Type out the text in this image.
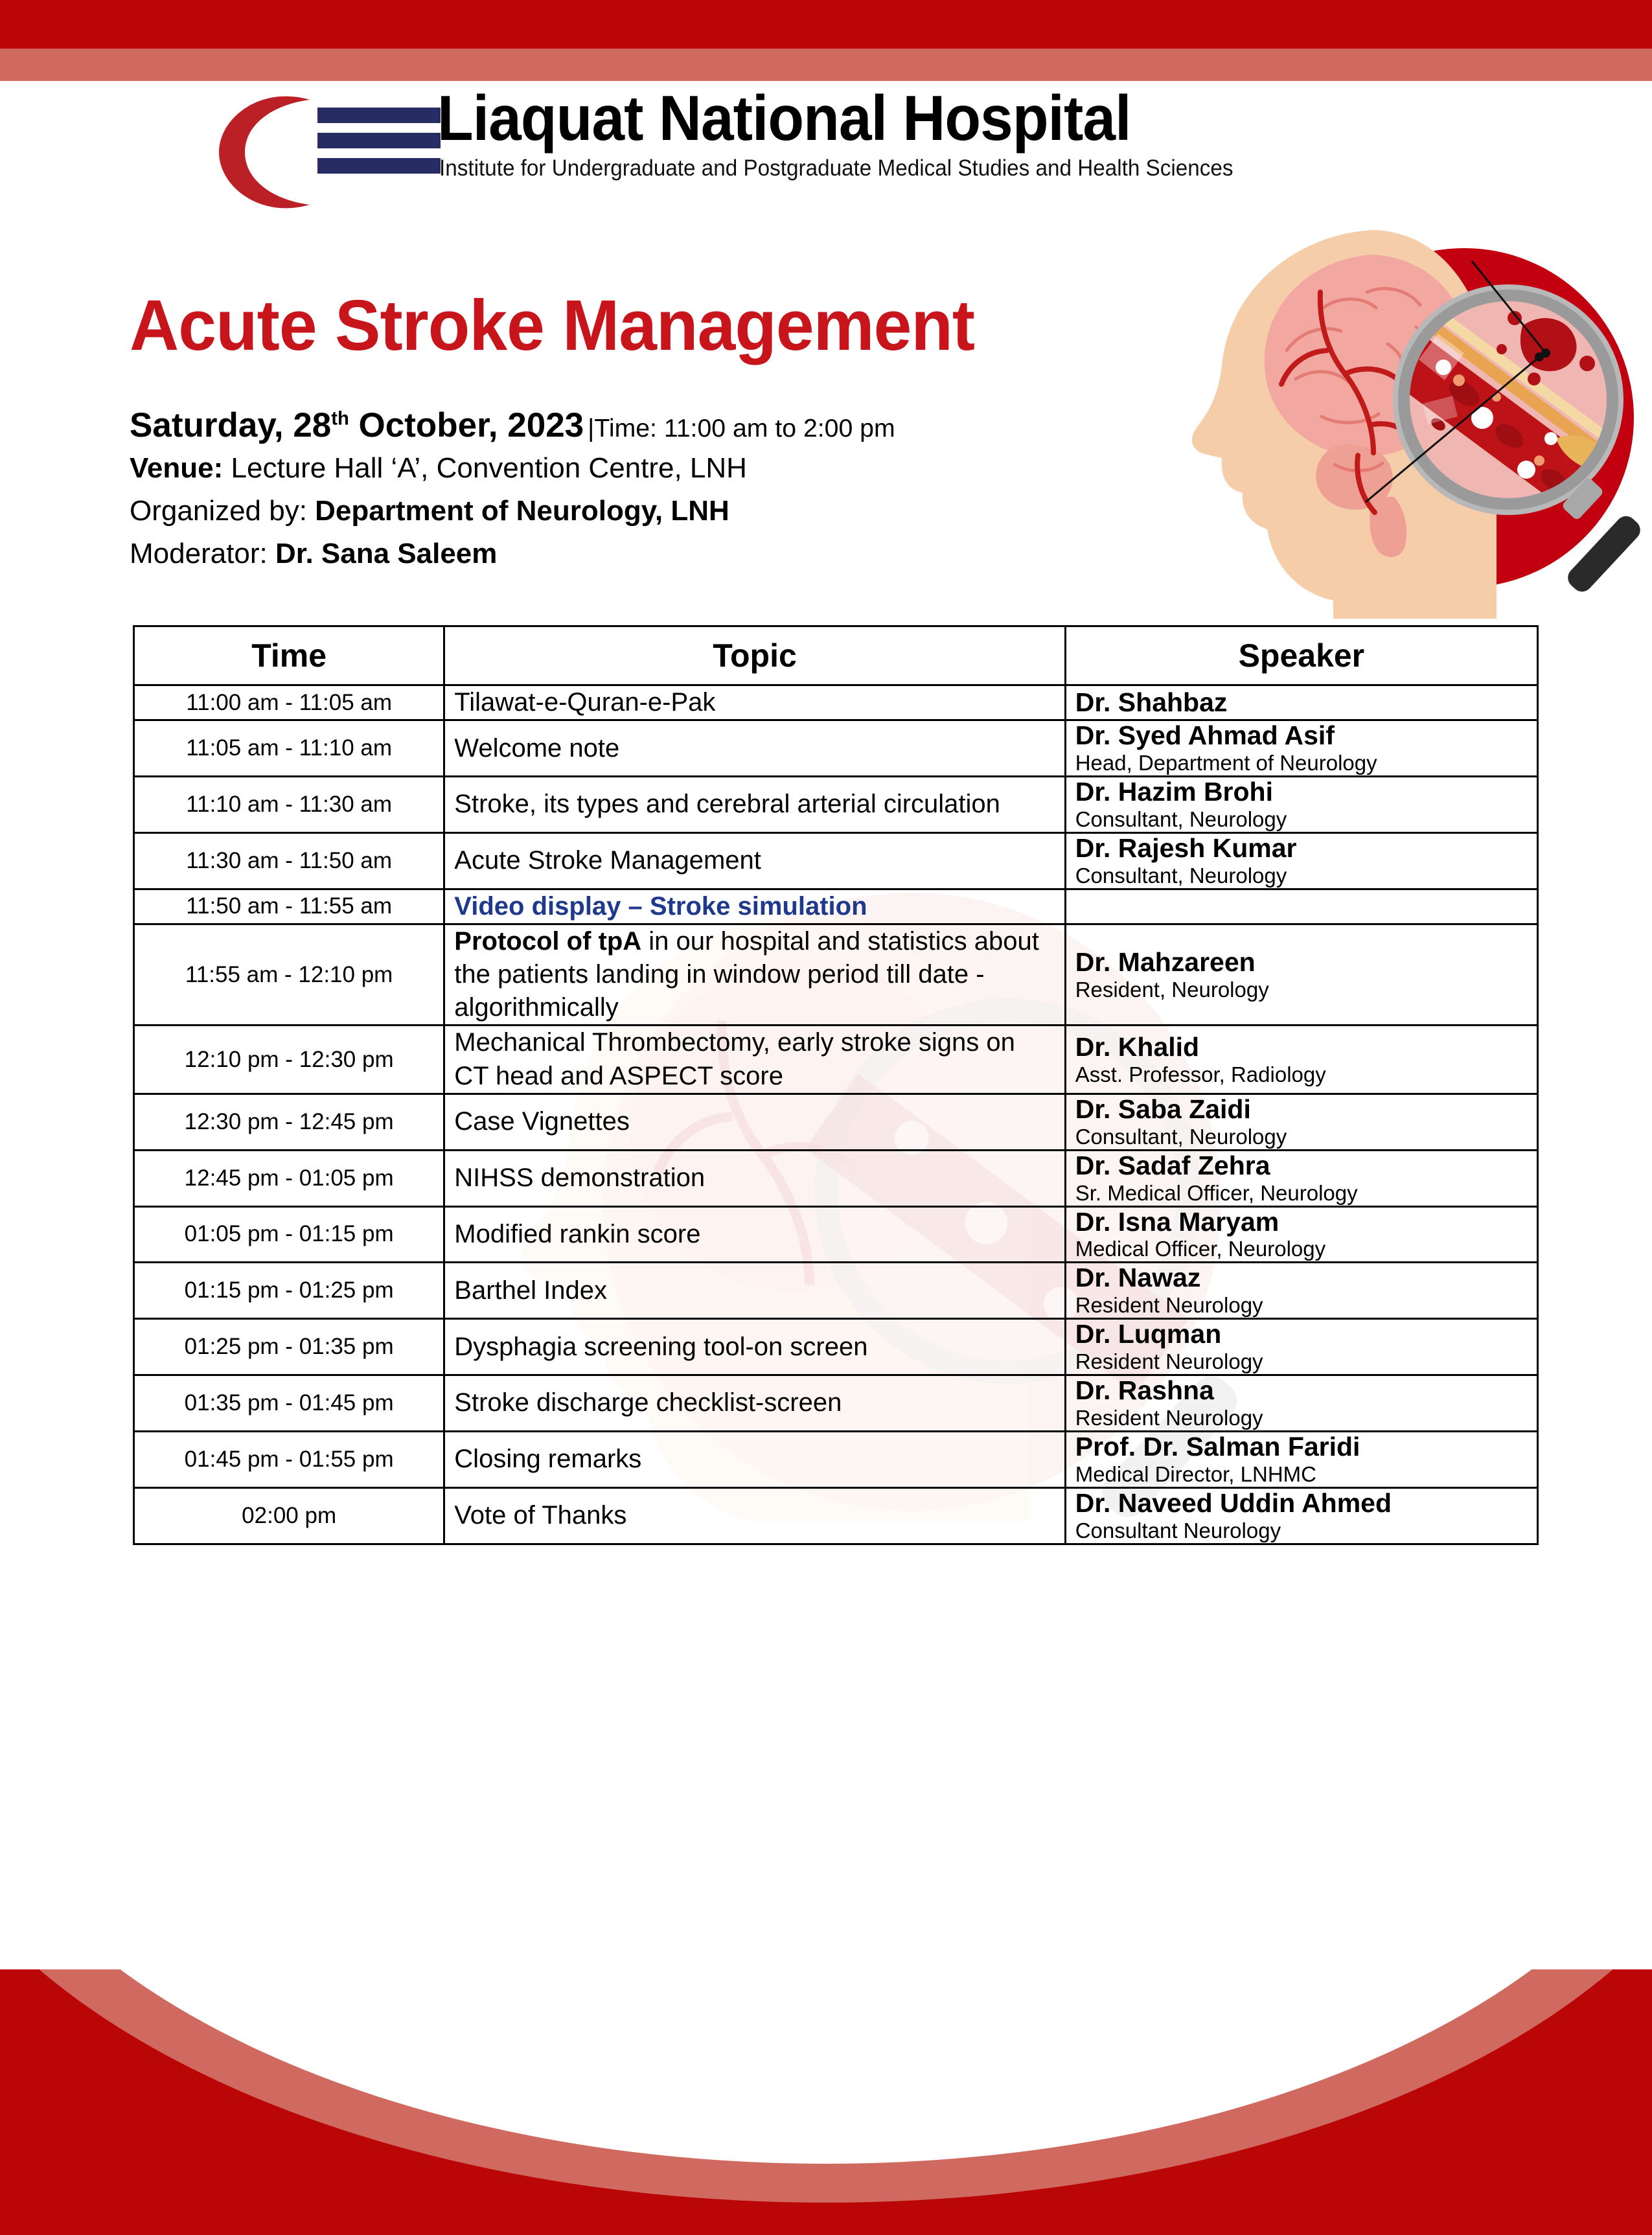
Liaquat National Hospital
Institute for Undergraduate and Postgraduate Medical Studies and Health Sciences
Acute Stroke Management
Saturday, 28th October, 2023 |Time: 11:00 am to 2:00 pm
Venue: Lecture Hall ‘A’, Convention Centre, LNH
Organized by: Department of Neurology, LNH
Moderator: Dr. Sana Saleem
Time	Topic	Speaker
11:00 am - 11:05 am	Tilawat-e-Quran-e-Pak	Dr. Shahbaz

11:05 am - 11:10 am	Welcome note	Dr. Syed Ahmad Asif
Head, Department of Neurology

11:10 am - 11:30 am	Stroke, its types and cerebral arterial circulation	Dr. Hazim Brohi
Consultant, Neurology

11:30 am - 11:50 am	Acute Stroke Management	Dr. Rajesh Kumar
Consultant, Neurology

11:50 am - 11:55 am	Video display – Stroke simulation	
11:55 am - 12:10 pm	Protocol of tpA in our hospital and statistics about the patients landing in window period till date -algorithmically	Dr. Mahzareen
Resident, Neurology

12:10 pm - 12:30 pm	Mechanical Thrombectomy, early stroke signs on CT head and ASPECT score	Dr. Khalid
Asst. Professor, Radiology

12:30 pm - 12:45 pm	Case Vignettes	Dr. Saba Zaidi
Consultant, Neurology

12:45 pm - 01:05 pm	NIHSS demonstration	Dr. Sadaf Zehra
Sr. Medical Officer, Neurology

01:05 pm - 01:15 pm	Modified rankin score	Dr. Isna Maryam
Medical Officer, Neurology

01:15 pm - 01:25 pm	Barthel Index	Dr. Nawaz
Resident Neurology

01:25 pm - 01:35 pm	Dysphagia screening tool-on screen	Dr. Luqman
Resident Neurology

01:35 pm - 01:45 pm	Stroke discharge checklist-screen	Dr. Rashna
Resident Neurology

01:45 pm - 01:55 pm	Closing remarks	Prof. Dr. Salman Faridi
Medical Director, LNHMC

02:00 pm	Vote of Thanks	Dr. Naveed Uddin Ahmed
Consultant Neurology
